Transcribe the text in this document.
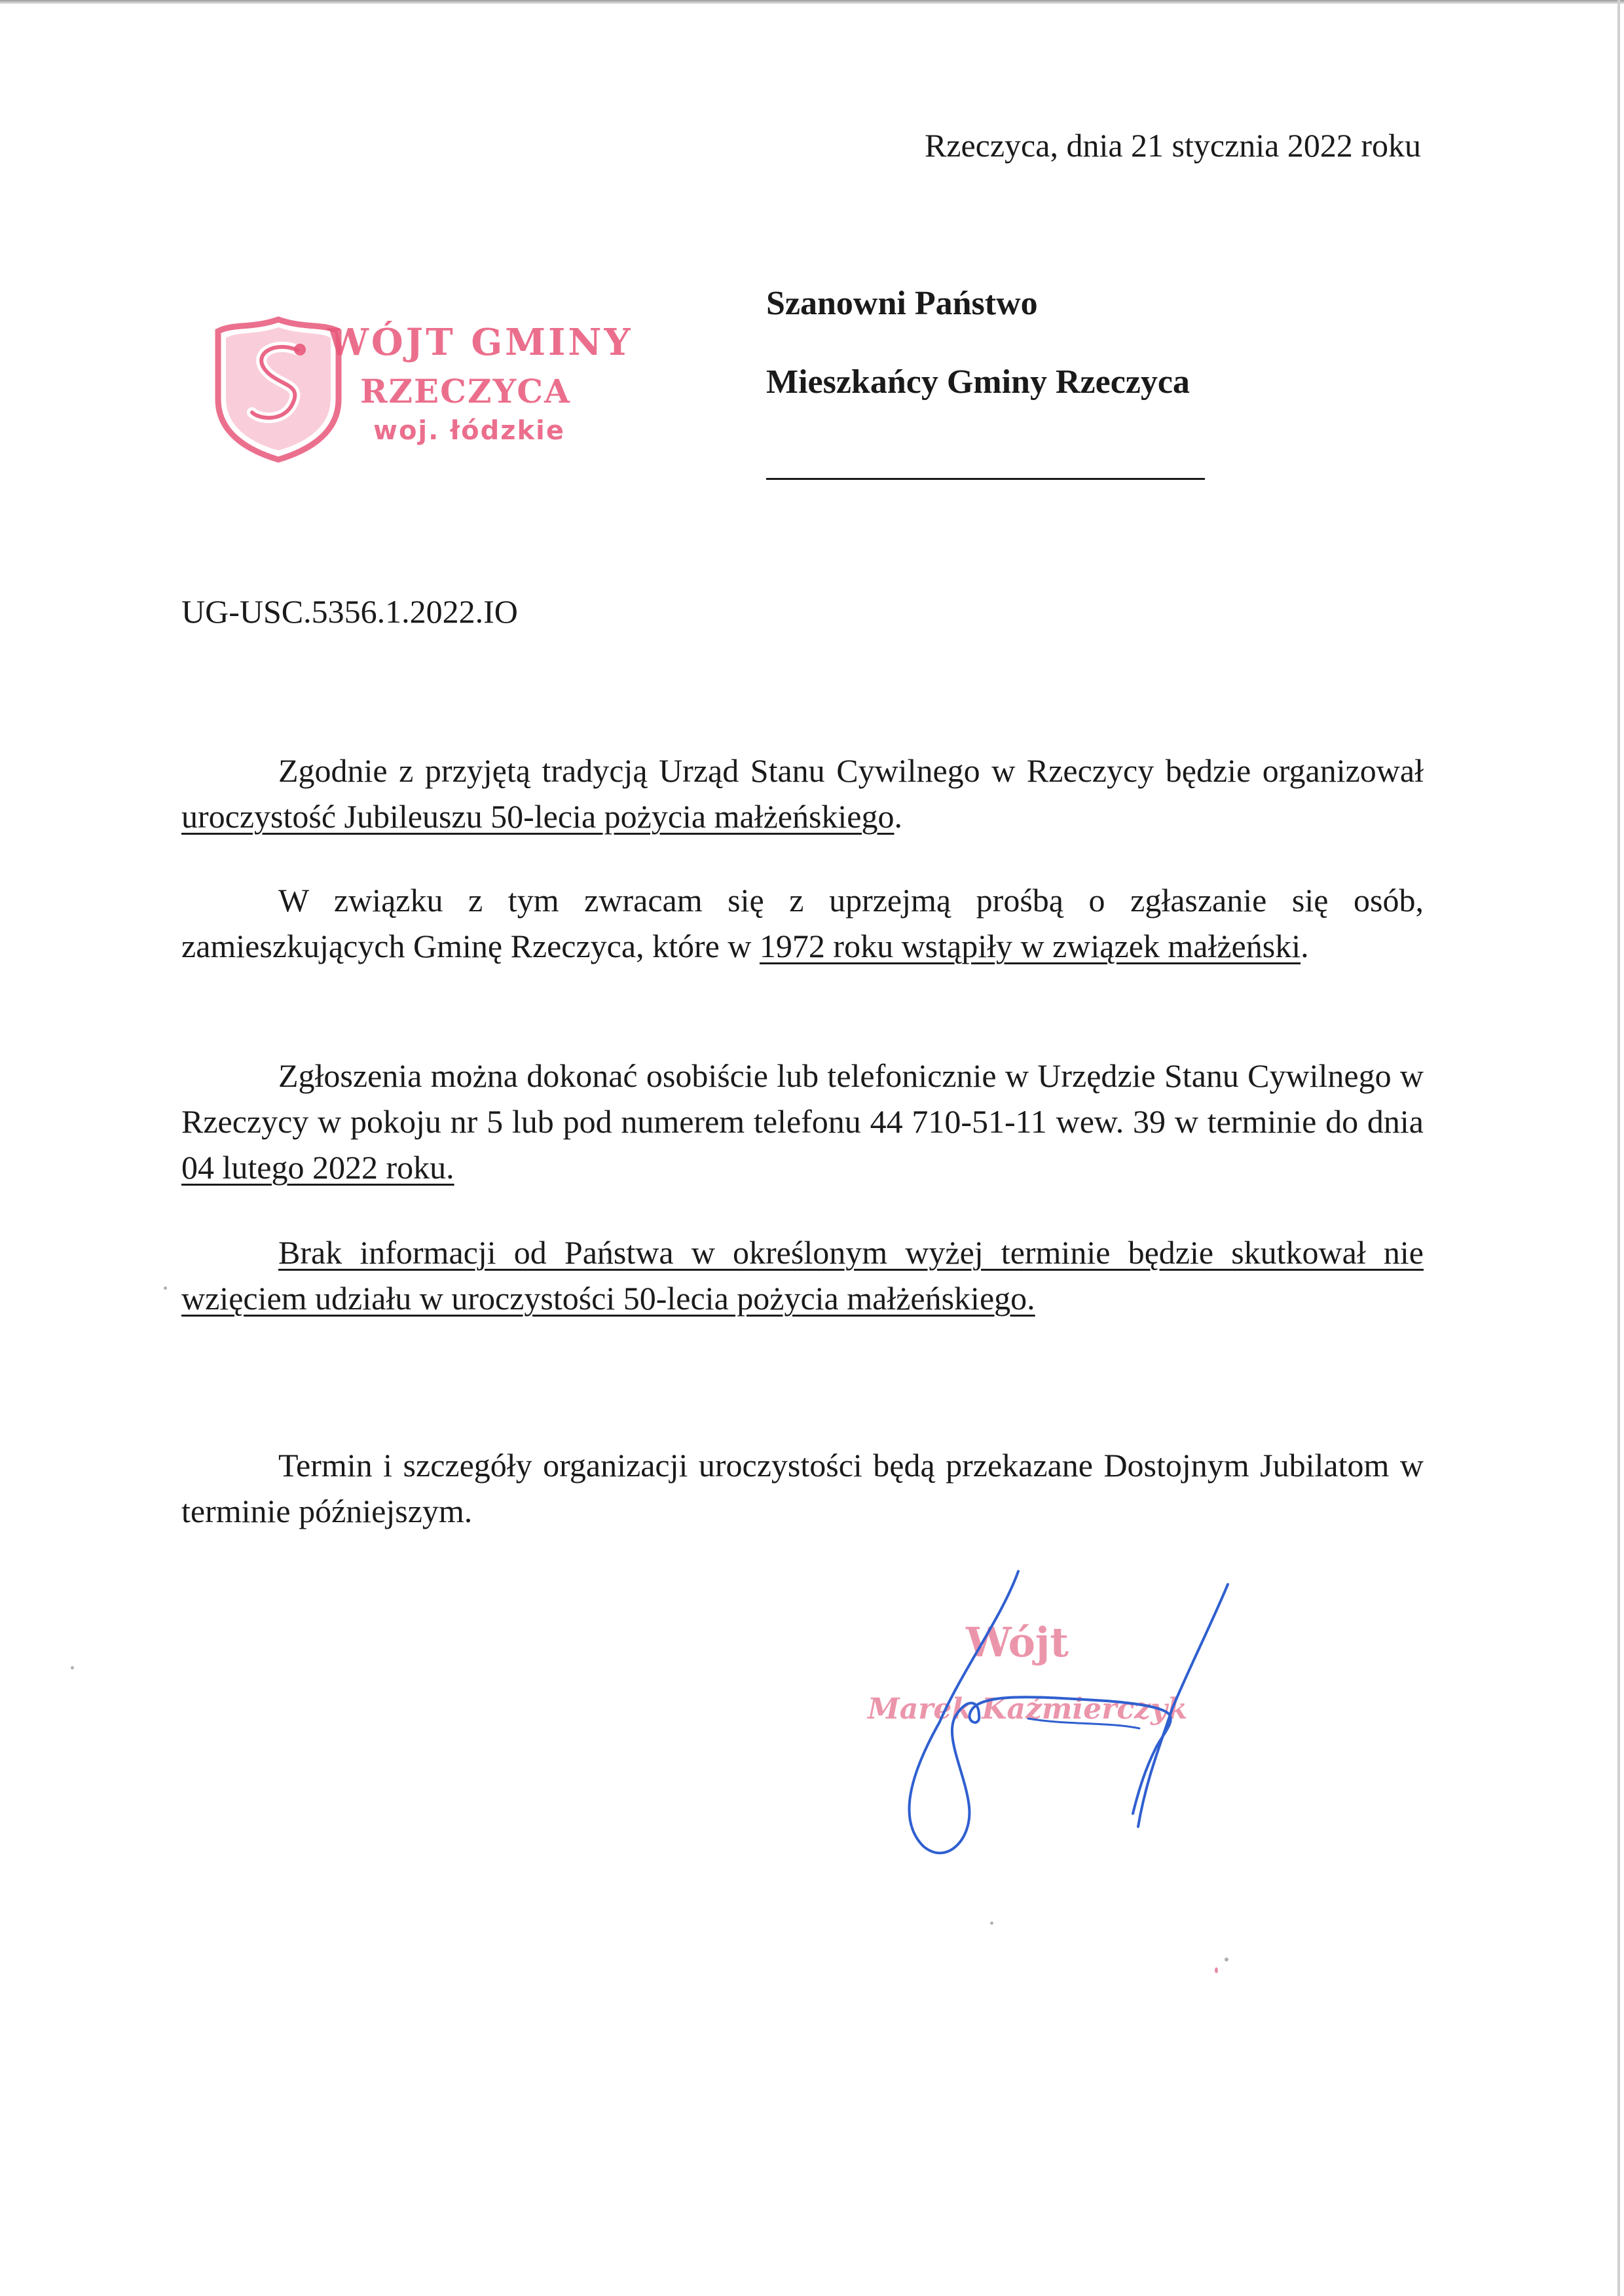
Rzeczyca, dnia 21 stycznia 2022 roku
WÓJT GMINY
RZECZYCA
woj. łódzkie
Szanowni Państwo
Mieszkańcy Gminy Rzeczyca
UG-USC.5356.1.2022.IO

Zgodnie z przyjętą tradycją Urząd Stanu Cywilnego w Rzeczycy będzie organizował uroczystość Jubileuszu 50-lecia pożycia małżeńskiego.

W związku z tym zwracam się z uprzejmą prośbą o zgłaszanie się osób, zamieszkujących Gminę Rzeczyca, które w 1972 roku wstąpiły w związek małżeński.

Zgłoszenia można dokonać osobiście lub telefonicznie w Urzędzie Stanu Cywilnego w Rzeczycy w pokoju nr 5 lub pod numerem telefonu 44 710-51-11 wew. 39 w terminie do dnia 04 lutego 2022 roku.

Brak informacji od Państwa w określonym wyżej terminie będzie skutkował nie wzięciem udziału w uroczystości 50-lecia pożycia małżeńskiego.

Termin i szczegóły organizacji uroczystości będą przekazane Dostojnym Jubilatom w terminie późniejszym.

Wójt
Marek Kaźmierczyk
